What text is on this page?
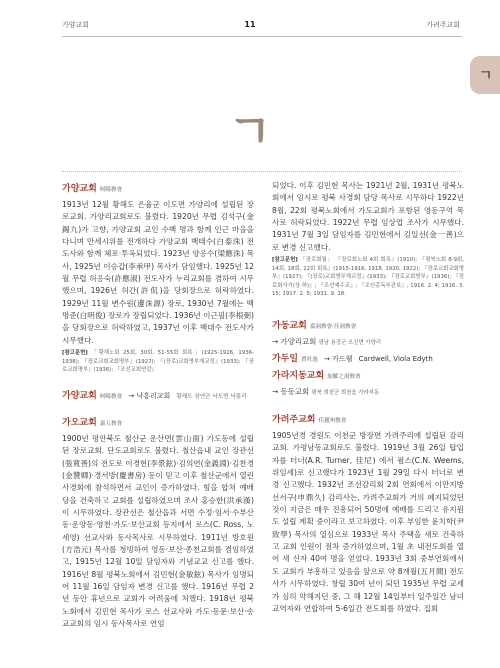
가양교회	11	가려주교회
ㄱ
ㄱ
가양교회 柯陽敎會
1913년 12월 황해도 은율군 이도면 가양리에 설립된 장로교회. 가양리교회로도 불렸다. 1920년 무렵 김석구(金錫九)가 고향, 가양교회 교인 수백 명과 함께 인근 마을을 다니며 만세시위를 전개하다 가양교회 백태수(白泰洙) 전도사와 함께 체포·투옥되었다. 1923년 양응수(梁應洙) 목사, 1925년 이승갑(李承甲) 목사가 담임했다. 1925년 12월 무렵 허응숙(許應淑) 전도사가 누리교회를 겸하여 시무했으며, 1926년 허간(許侃)을 당회장으로 허락하였다. 1929년 11월 변수원(邊洙源) 장로, 1930년 7월에는 백명준(白明俊) 장로가 장립되었다. 1936년 이근필(李根弼)을 당회장으로 허락하였고, 1937년 이후 백대수 전도사가 시무했다.
[참고문헌] 「황해노회 25회, 30회, 51-55회 회록」(1925-1926, 1936-1938); 『장로교회교회명부』(1927); 『(장로)교회명부재교정』(1933); 『장로교회명부』(1936); 『조선교회연감』
가양교회 柯陽敎會 → 낙흥리교회 황해도 장연군 낙도면 낙흥리
가오교회 嘉五敎會
1900년 평안북도 철산군 운산면(雲山面) 가도동에 설립된 장로교회. 단도교회로도 불렸다. 철산읍내 교인 장관선(張寬善)의 전도로 이경현(李景鉉)·김의연(金義淵)·김찬경(金贊卿)·경서방(慶書房) 등이 믿고 이후 철산군에서 열린 사경회에 참석하면서 교인이 증가하였다. 힘을 합쳐 예배당을 건축하고 교회를 설립하였으며 조사 홍승한(洪承漢)이 시무하였다. 장관선은 철산읍과 서면 수정·임서·수부산동·운양동·영천·가도·보산교회 등지에서 로스(C. Ross, 노세영) 선교사와 동사목사로 시무하였다. 1911년 방호원(方浩元) 목사를 청빙하여 영동·보산·종천교회를 겸임하였고, 1915년 12월 10일 담임자와 기념교교 신고를 했다. 1916년 8월 평북노회에서 김민현(金敏鉉) 목사가 임명되어 11월 16일 담임자 변경 신고를 했다. 1916년 무렵 2년 동안 휴년으로 교회가 어려움에 처했다. 1918년 평북노회에서 김민현 목사가 로스 선교사와 가도·동문·보산·송교교회의 임시 동사목사로 연임
되었다. 이후 김민현 목사는 1921년 2월, 1931년 평북노회에서 임시로 평북 사경회 담당 목사로 시무하다 1922년 8월, 22회 평북노회에서 가도교회가 포함된 영동구역 목사로 허락되었다. 1922년 무렵 임상업 조사가 시무했다. 1931년 7월 3일 담임자를 김민현에서 김일선(金一善)으로 변경 신고했다.
[참고문헌] 「장로회월」 『장로회노회 4회 회록』(1910); 『평북노회 8-9회, 14회, 18회, 22회 회록』(1915-1916, 1918, 1920, 1922); 『장로교회교회명부』(1927); 『(장로)교회명부재교정』(1933); 『장로교회명부』(1936); 『장로회사기(상·하)』; 『조선예수교』; 『조선총독부관보』, 1916. 2. 4; 1916. 3. 15; 1917. 2. 5; 1931. 9. 18.
가동교회 嘉洞敎會·佳洞敎會
→ 가양리교회 평남 용강군 오신면 가양리
가두일 賈杜逸 → 카드웰 Cardwell, Viola Edyth
가라지동교회 加羅之洞敎會
→ 동동교회 평북 희천군 희천읍 가라지동
가려주교회 佳麗州敎會
1905년경 경원도 이천군 방장면 가려주리에 설립된 감리교회. 가평남동교회로도 불렸다. 1919년 3월 26일 탑입자를 터너(A.R. Turner, 佳尼) 에서 윔스(C.N. Weems, 위임세)로 신고했다가 1923년 1월 29일 다시 터너로 변경 신고했다. 1932년 조선감리회 2회 연회에서 이만지방 선서구(申鼎久) 감리사는, 가려주교회가 거의 폐지되었던 것이 지금은 매우 진흥되어 50명에 예배를 드리고 유지원도 설립 계획 중이라고 보고하였다. 이후 부임한 윤치학(尹致學) 목사의 열심으로 1933년 목사 주택을 새로 건축하고 교회 인원이 점차 증가하였으며, 1월 초 내전도회를 열어 새 신자 40여 명을 얻었다. 1933년 3회 중부연회에서도 교회가 부흥하고 있음을 앞으로 약 8개월(五月間) 전도사가 시무하였다. 창립 30여 년이 되던 1935년 무렵 교세가 심히 약해지던 중, 그 해 12월 14일부터 일주일간 남녀 교역자와 연합하여 5-6일간 전도회를 하였다. 집회
